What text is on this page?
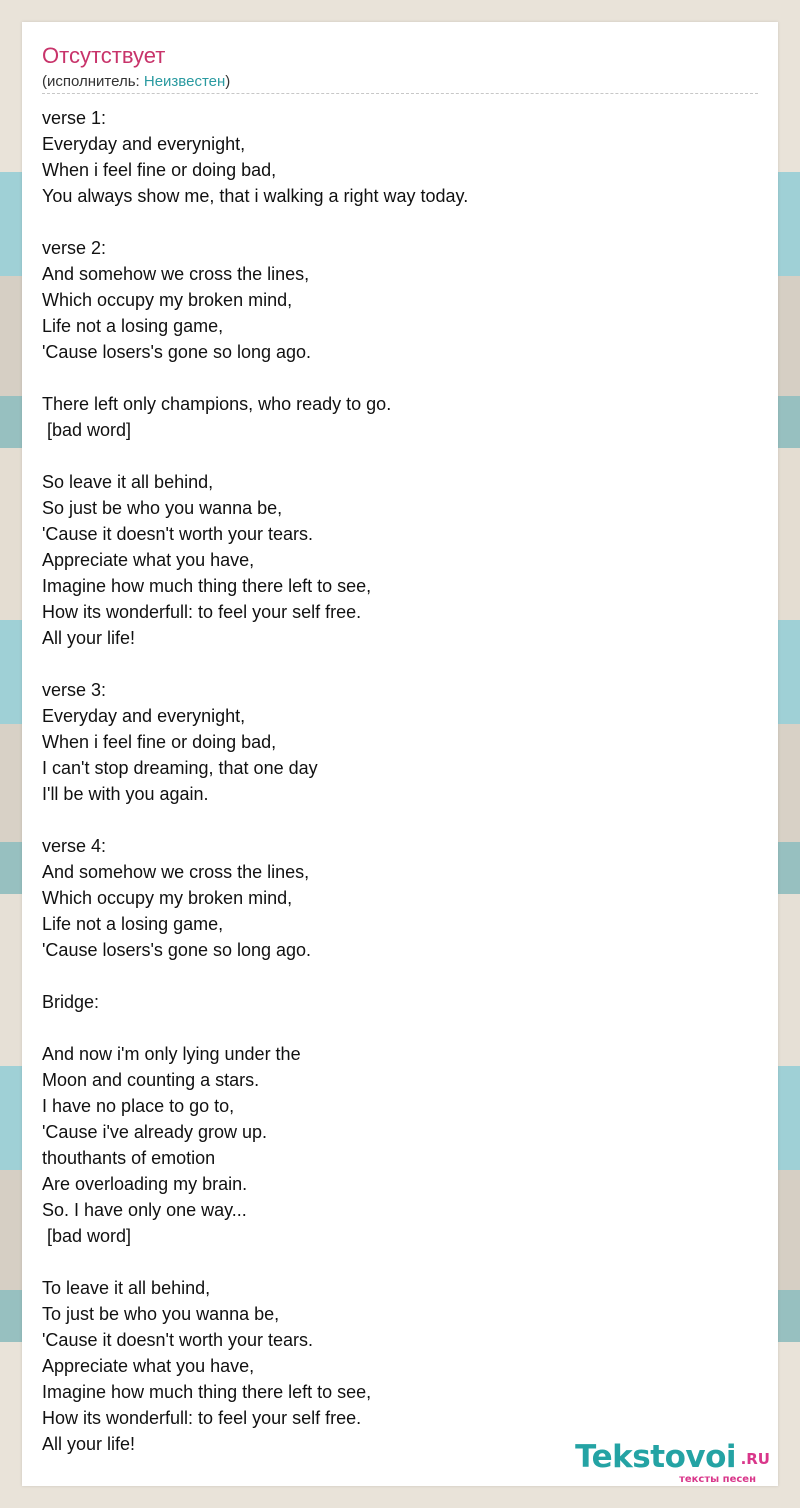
Отсутствует
(исполнитель: Неизвестен)
verse 1:
Everyday and everynight,
When i feel fine or doing bad,
You always show me, that i walking a right way today.

verse 2:
And somehow we cross the lines,
Which occupy my broken mind,
Life not a losing game,
'Cause losers's gone so long ago.

There left only champions, who ready to go.
[bad word]

So leave it all behind,
So just be who you wanna be,
'Cause it doesn't worth your tears.
Appreciate what you have,
Imagine how much thing there left to see,
How its wonderfull: to feel your self free.
All your life!

verse 3:
Everyday and everynight,
When i feel fine or doing bad,
I can't stop dreaming, that one day
I'll be with you again.

verse 4:
And somehow we cross the lines,
Which occupy my broken mind,
Life not a losing game,
'Cause losers's gone so long ago.

Bridge:

And now i'm only lying under the
Moon and counting a stars.
I have no place to go to,
'Cause i've already grow up.
thouthants of emotion
Are overloading my brain.
So. I have only one way...
[bad word]

To leave it all behind,
To just be who you wanna be,
'Cause it doesn't worth your tears.
Appreciate what you have,
Imagine how much thing there left to see,
How its wonderfull: to feel your self free.
All your life!	Tekstovoi .RU
тексты песен
